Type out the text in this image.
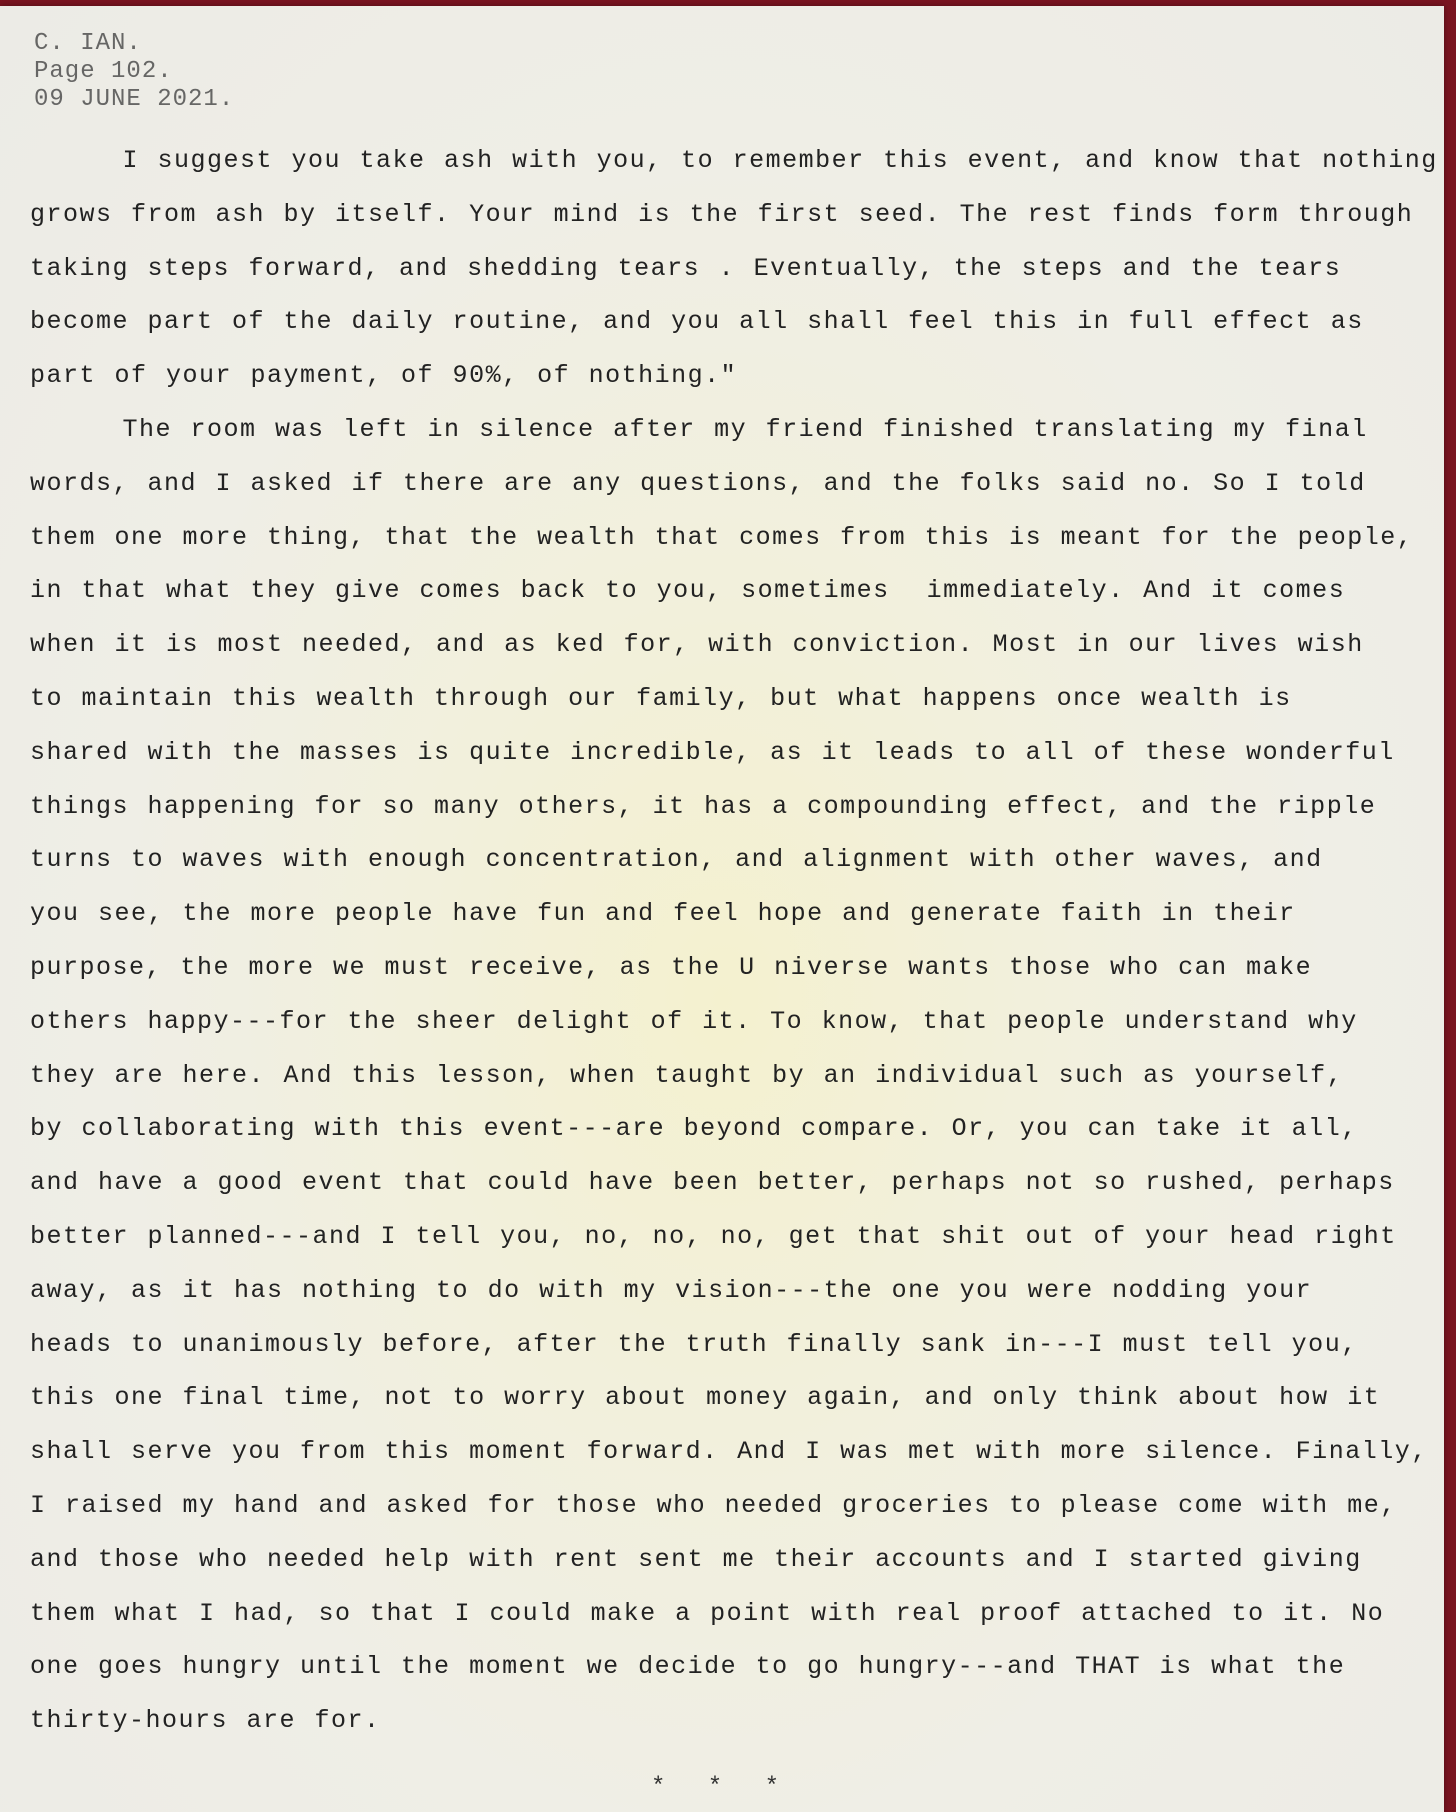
C. IAN.
Page 102.
09 JUNE 2021.
I suggest you take ash with you, to remember this event, and know that nothing
grows from ash by itself. Your mind is the first seed. The rest finds form through
taking steps forward, and shedding tears . Eventually, the steps and the tears
become part of the daily routine, and you all shall feel this in full effect as
part of your payment, of 90%, of nothing."
The room was left in silence after my friend finished translating my final
words, and I asked if there are any questions, and the folks said no. So I told
them one more thing, that the wealth that comes from this is meant for the people,
in that what they give comes back to you, sometimes  immediately. And it comes
when it is most needed, and as ked for, with conviction. Most in our lives wish
to maintain this wealth through our family, but what happens once wealth is
shared with the masses is quite incredible, as it leads to all of these wonderful
things happening for so many others, it has a compounding effect, and the ripple
turns to waves with enough concentration, and alignment with other waves, and
you see, the more people have fun and feel hope and generate faith in their
purpose, the more we must receive, as the U niverse wants those who can make
others happy---for the sheer delight of it. To know, that people understand why
they are here. And this lesson, when taught by an individual such as yourself,
by collaborating with this event---are beyond compare. Or, you can take it all,
and have a good event that could have been better, perhaps not so rushed, perhaps
better planned---and I tell you, no, no, no, get that shit out of your head right
away, as it has nothing to do with my vision---the one you were nodding your
heads to unanimously before, after the truth finally sank in---I must tell you,
this one final time, not to worry about money again, and only think about how it
shall serve you from this moment forward. And I was met with more silence. Finally,
I raised my hand and asked for those who needed groceries to please come with me,
and those who needed help with rent sent me their accounts and I started giving
them what I had, so that I could make a point with real proof attached to it. No
one goes hungry until the moment we decide to go hungry---and THAT is what the
thirty-hours are for.
* * *
